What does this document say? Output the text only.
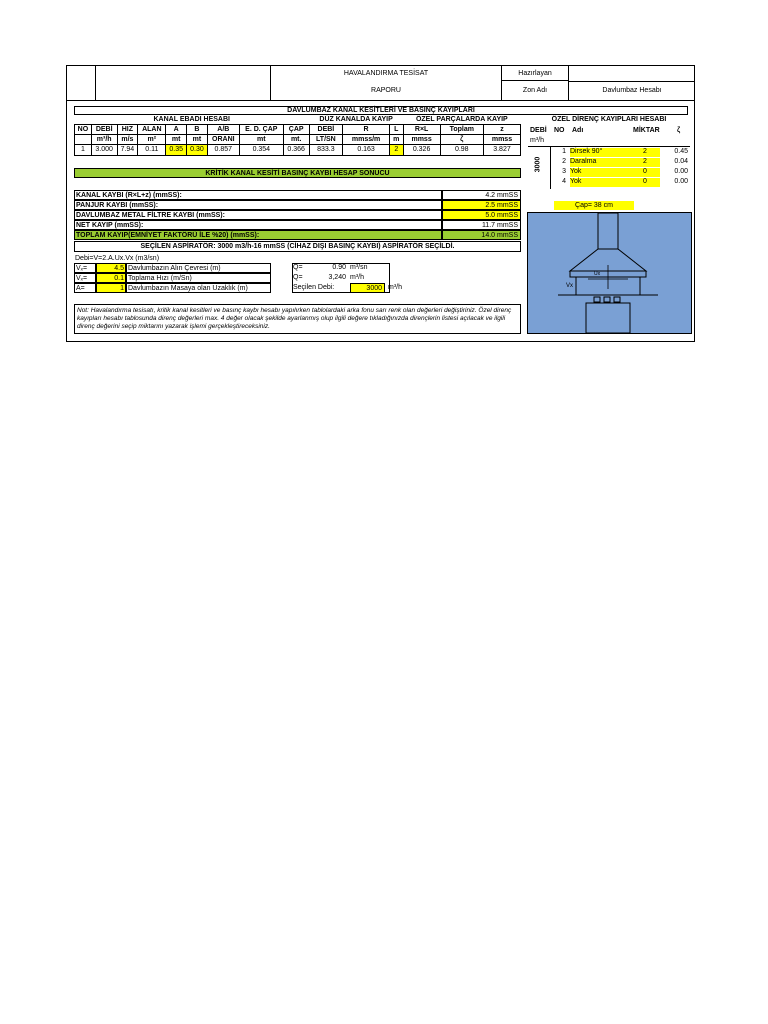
HAVALANDIRMA TESİSAT
RAPORU
Hazırlayan
Zon Adı	Davlumbaz Hesabı
DAVLUMBAZ KANAL KESİTLERİ VE BASINÇ KAYIPLARI
KANAL EBADI HESABI									DÜZ KANALDA KAYIP			ÖZEL PARÇALARDA KAYIP		
NO	DEBİ	HIZ	ALAN	A	B	A/B	E. D. ÇAP	ÇAP	DEBİ	R	L	R×L	Toplam	z
	m³/h	m/s	m²	mt	mt	ORANI	mt	mt.	LT/SN	mmss/m	m	mmss	ζ	mmss
1	3.000	7.94	0.11	0.35	0.30	0.857	0.354	0.366	833.3	0.163	2	0.326	0.98	3.827
ÖZEL DİRENÇ KAYIPLARI HESABI
DEBİ NO Adı	MİKTAR ζ
m³/h
3000
1 Dirsek 90°	2	0.45
2 Daralma	2	0.04
3 Yok	0	0.00
4 Yok	0	0.00
KRİTİK KANAL KESİTİ BASINÇ KAYBI HESAP SONUCU
KANAL KAYBI (R×L+z) (mmSS):	4.2 mmSS
PANJUR KAYBI (mmSS):	2.5 mmSS
DAVLUMBAZ METAL FİLTRE KAYBI (mmSS):	5.0 mmSS
NET KAYIP (mmSS):	11.7 mmSS
TOPLAM KAYIP(EMNİYET FAKTÖRÜ İLE %20) (mmSS):	14.0 mmSS
SEÇİLEN ASPİRATÖR: 3000 m3/h-16 mmSS (CİHAZ DIŞI BASINÇ KAYBI) ASPİRATÖR SEÇİLDİ.
Debi=V=2.A.Ux.Vx (m3/sn)
Vₓ=	4.5 Davlumbazın Alın Çevresi (m)
Vₓ=	0.1 Toplama Hızı (m/Sn)
A=	1 Davlumbazın Masaya olan Uzaklık (m)
Q=	0.90 m³/sn
Q=	3,240 m³/h
Seçilen Debi:	3000 m³/h
Çap= 38 cm
Vx
Ux
Not: Havalandırma tesisatı, kritik kanal kesitleri ve basınç kaybı hesabı yapılırken tablolardaki arka fonu sarı renk olan değerleri değiştiriniz. Özel direnç kayıpları hesabı tablosunda direnç değerleri max. 4 değer olacak şekilde ayarlanmış olup ilgili değere tıkladığınızda dirençlerin listesi açılacak ve ilgili direnç değerini seçip miktarını yazarak işlemi gerçekleştireceksiniz.
